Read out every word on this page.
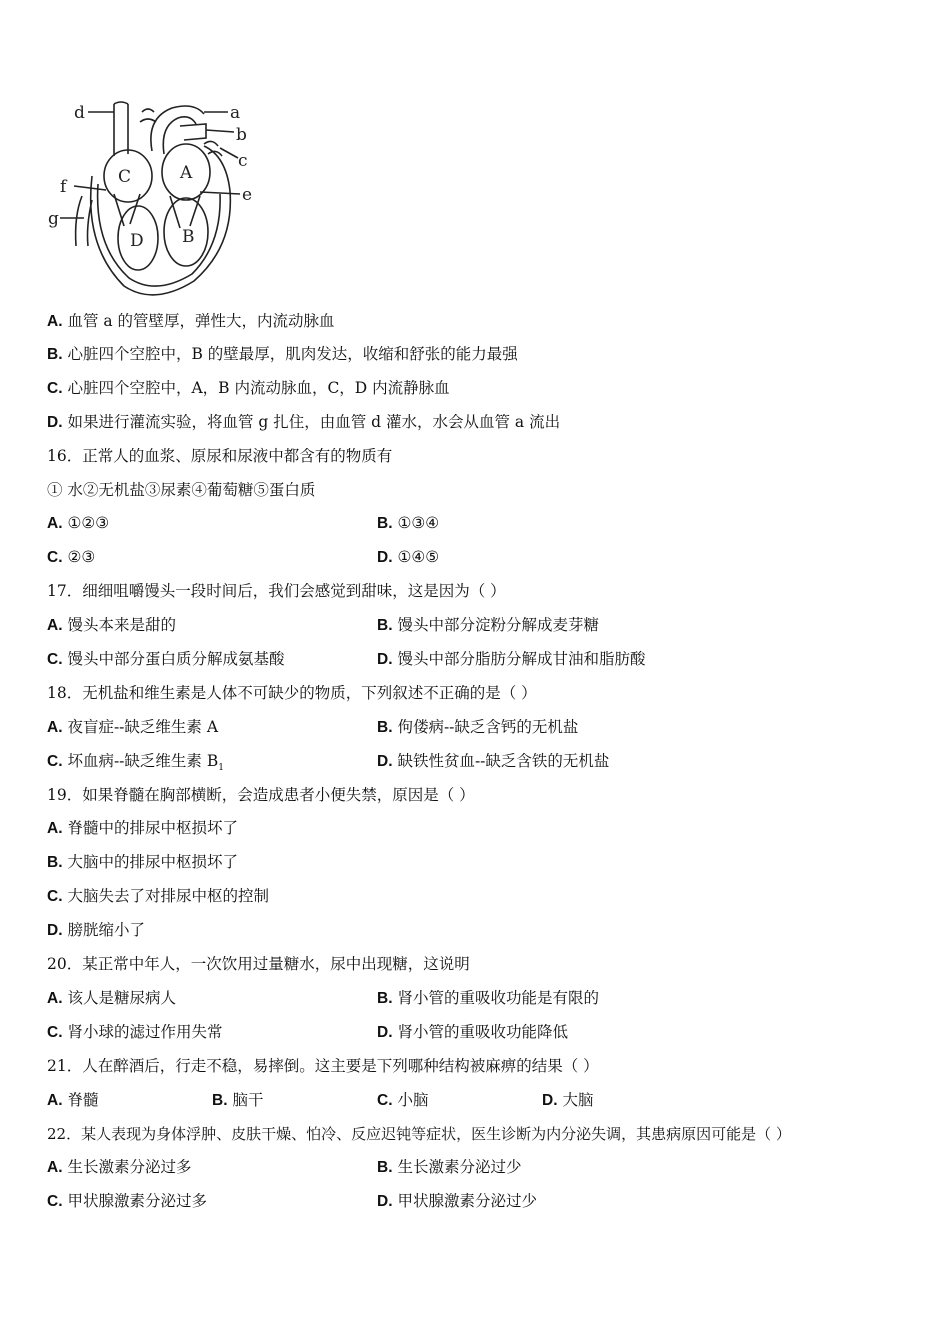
d	a
b
c
e
f
g
A
B
C
D
A. 血管 a 的管壁厚，弹性大，内流动脉血
B. 心脏四个空腔中，B 的壁最厚，肌肉发达，收缩和舒张的能力最强
C. 心脏四个空腔中，A，B 内流动脉血，C，D 内流静脉血
D. 如果进行灌流实验，将血管 g 扎住，由血管 d 灌水，水会从血管 a 流出
16．正常人的血浆、原尿和尿液中都含有的物质有
① 水②无机盐③尿素④葡萄糖⑤蛋白质
A. ①②③	B. ①③④
C. ②③	D. ①④⑤
17．细细咀嚼馒头一段时间后，我们会感觉到甜味，这是因为（ ）
A. 馒头本来是甜的	B. 馒头中部分淀粉分解成麦芽糖
C. 馒头中部分蛋白质分解成氨基酸	D. 馒头中部分脂肪分解成甘油和脂肪酸
18．无机盐和维生素是人体不可缺少的物质，下列叙述不正确的是（ ）
A. 夜盲症--缺乏维生素 A	B. 佝偻病--缺乏含钙的无机盐
C. 坏血病--缺乏维生素 $B_1$	D. 缺铁性贫血--缺乏含铁的无机盐
19．如果脊髓在胸部横断，会造成患者小便失禁，原因是（ ）
A. 脊髓中的排尿中枢损坏了
B. 大脑中的排尿中枢损坏了
C. 大脑失去了对排尿中枢的控制
D. 膀胱缩小了
20．某正常中年人，一次饮用过量糖水，尿中出现糖，这说明
A. 该人是糖尿病人	B. 肾小管的重吸收功能是有限的
C. 肾小球的滤过作用失常	D. 肾小管的重吸收功能降低
21．人在醉酒后，行走不稳，易摔倒。这主要是下列哪种结构被麻痹的结果（ ）
A. 脊髓	B. 脑干	C. 小脑	D. 大脑
22．某人表现为身体浮肿、皮肤干燥、怕冷、反应迟钝等症状，医生诊断为内分泌失调，其患病原因可能是（ ）
A. 生长激素分泌过多	B. 生长激素分泌过少
C. 甲状腺激素分泌过多	D. 甲状腺激素分泌过少
